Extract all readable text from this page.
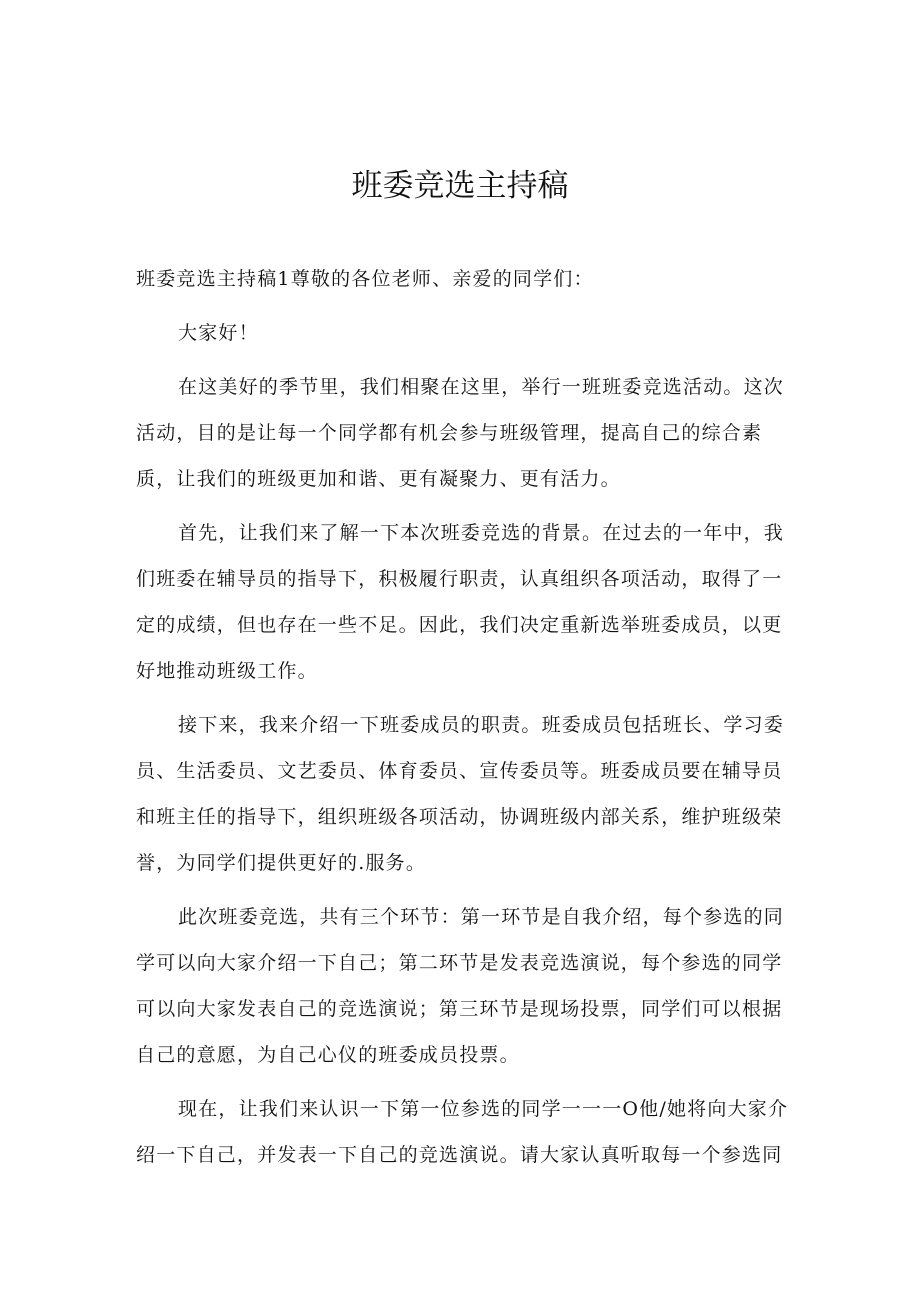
班委竞选主持稿

班委竞选主持稿1尊敬的各位老师、亲爱的同学们：

大家好！

在这美好的季节里，我们相聚在这里，举行一班班委竞选活动。这次活动，目的是让每一个同学都有机会参与班级管理，提高自己的综合素质，让我们的班级更加和谐、更有凝聚力、更有活力。

首先，让我们来了解一下本次班委竞选的背景。在过去的一年中，我们班委在辅导员的指导下，积极履行职责，认真组织各项活动，取得了一定的成绩，但也存在一些不足。因此，我们决定重新选举班委成员，以更好地推动班级工作。

接下来，我来介绍一下班委成员的职责。班委成员包括班长、学习委员、生活委员、文艺委员、体育委员、宣传委员等。班委成员要在辅导员和班主任的指导下，组织班级各项活动，协调班级内部关系，维护班级荣誉，为同学们提供更好的.服务。

此次班委竞选，共有三个环节：第一环节是自我介绍，每个参选的同学可以向大家介绍一下自己；第二环节是发表竞选演说，每个参选的同学可以向大家发表自己的竞选演说；第三环节是现场投票，同学们可以根据自己的意愿，为自己心仪的班委成员投票。

现在，让我们来认识一下第一位参选的同学一一一O他/她将向大家介绍一下自己，并发表一下自己的竞选演说。请大家认真听取每一个参选同
